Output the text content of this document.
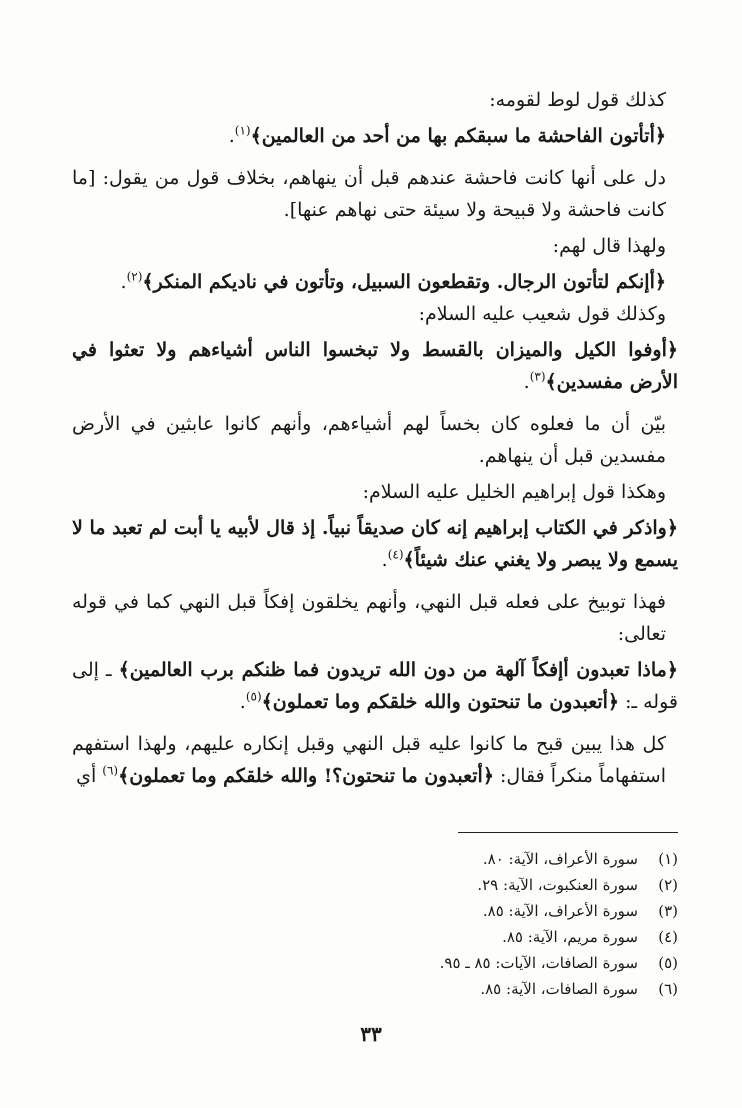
كذلك قول لوط لقومه:
﴿أتأتون الفاحشة ما سبقكم بها من أحد من العالمين﴾$^{(١)}$.
دل على أنها كانت فاحشة عندهم قبل أن ينهاهم، بخلاف قول من يقول: [ما كانت فاحشة ولا قبيحة ولا سيئة حتى نهاهم عنها].
ولهذا قال لهم:
﴿أإنكم لتأتون الرجال. وتقطعون السبيل، وتأتون في ناديكم المنكر﴾$^{(٢)}$.
وكذلك قول شعيب عليه السلام:
﴿أوفوا الكيل والميزان بالقسط ولا تبخسوا الناس أشياءهم ولا تعثوا في الأرض مفسدين﴾$^{(٣)}$.
بيّن أن ما فعلوه كان بخساً لهم أشياءهم، وأنهم كانوا عابثين في الأرض مفسدين قبل أن ينهاهم.
وهكذا قول إبراهيم الخليل عليه السلام:
﴿واذكر في الكتاب إبراهيم إنه كان صديقاً نبياً. إذ قال لأبيه يا أبت لم تعبد ما لا يسمع ولا يبصر ولا يغني عنك شيئاً﴾$^{(٤)}$.
فهذا توبيخ على فعله قبل النهي، وأنهم يخلقون إفكاً قبل النهي كما في قوله تعالى:
﴿ماذا تعبدون أإفكاً آلهة من دون الله تريدون فما ظنكم برب العالمين﴾ ـ إلى قوله ـ: ﴿أتعبدون ما تنحتون والله خلقكم وما تعملون﴾$^{(٥)}$.
كل هذا يبين قبح ما كانوا عليه قبل النهي وقبل إنكاره عليهم، ولهذا استفهم استفهاماً منكراً فقال: ﴿أتعبدون ما تنحتون؟! والله خلقكم وما تعملون﴾$^{(٦)}$ أي
(١)
سورة الأعراف، الآية: ٨٠.
(٢)
سورة العنكبوت، الآية: ٢٩.
(٣)
سورة الأعراف، الآية: ٨٥.
(٤)
سورة مريم، الآية: ٨٥.
(٥)
سورة الصافات، الآيات: ٨٥ ـ ٩٥.
(٦)
سورة الصافات، الآية: ٨٥.
٣٣
